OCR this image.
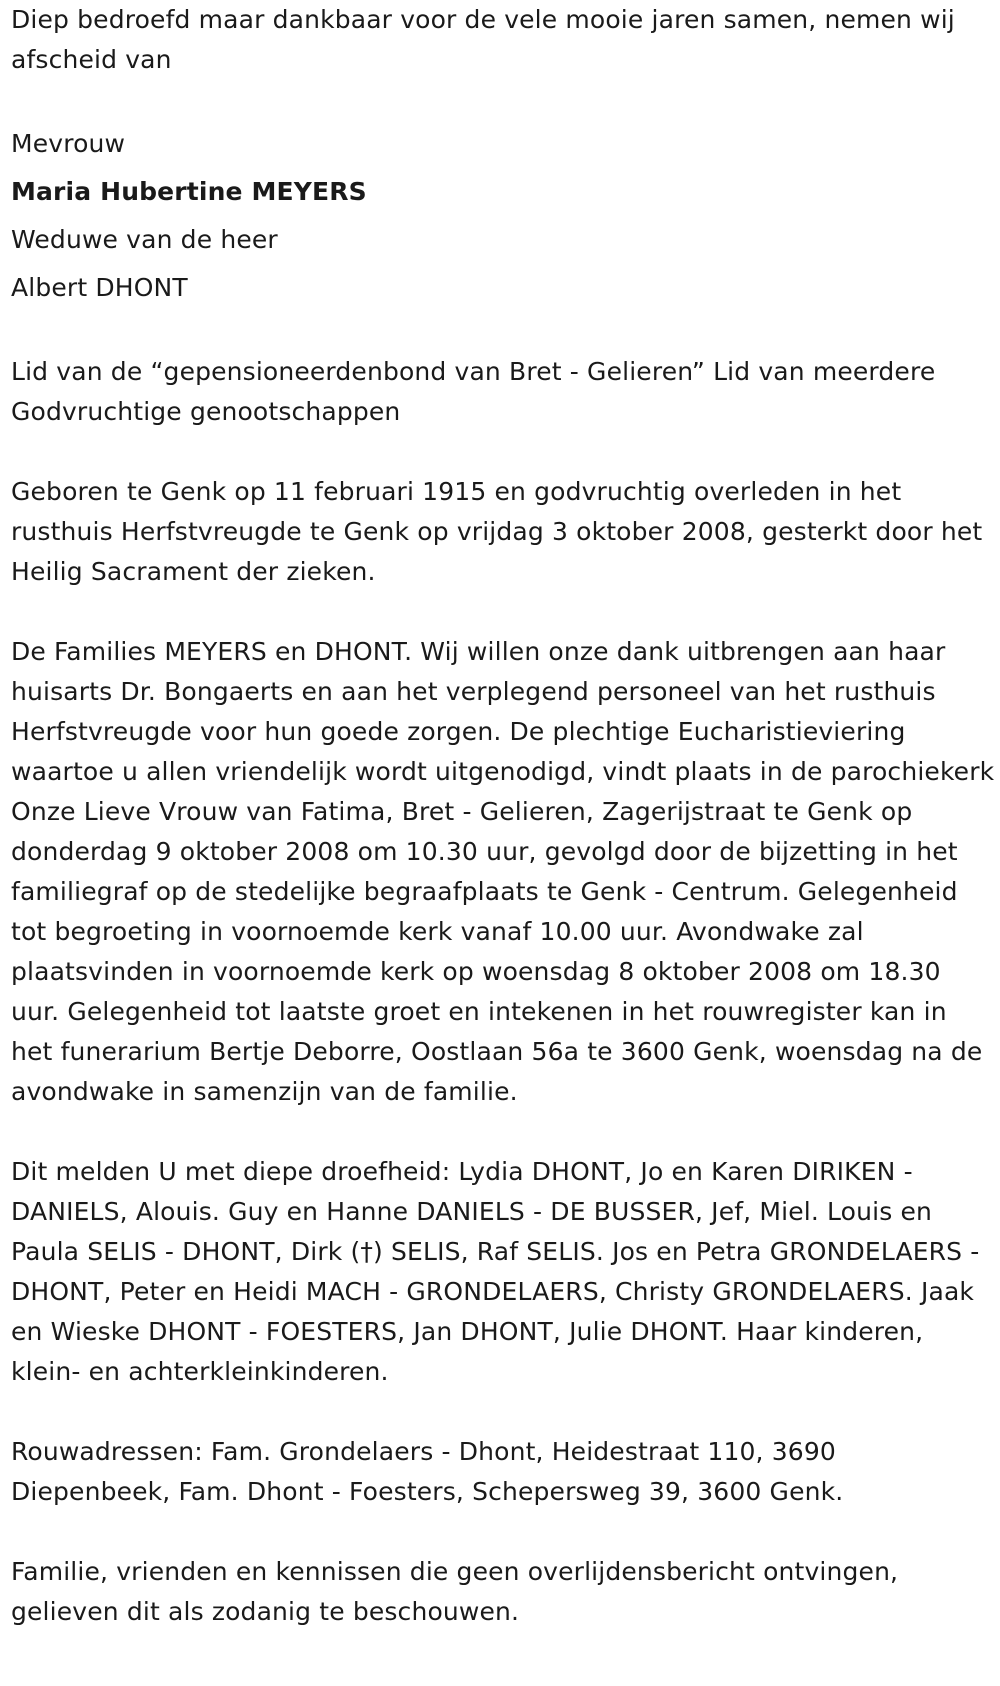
Diep bedroefd maar dankbaar voor de vele mooie jaren samen, nemen wij afscheid van

Mevrouw
Maria Hubertine MEYERS
Weduwe van de heer
Albert DHONT

Lid van de “gepensioneerdenbond van Bret - Gelieren” Lid van meerdere Godvruchtige genootschappen

Geboren te Genk op 11 februari 1915 en godvruchtig overleden in het rusthuis Herfstvreugde te Genk op vrijdag 3 oktober 2008, gesterkt door het Heilig Sacrament der zieken.

De Families MEYERS en DHONT. Wij willen onze dank uitbrengen aan haar huisarts Dr. Bongaerts en aan het verplegend personeel van het rusthuis Herfstvreugde voor hun goede zorgen. De plechtige Eucharistieviering waartoe u allen vriendelijk wordt uitgenodigd, vindt plaats in de parochiekerk Onze Lieve Vrouw van Fatima, Bret - Gelieren, Zagerijstraat te Genk op donderdag 9 oktober 2008 om 10.30 uur, gevolgd door de bijzetting in het familiegraf op de stedelijke begraafplaats te Genk - Centrum. Gelegenheid tot begroeting in voornoemde kerk vanaf 10.00 uur. Avondwake zal plaatsvinden in voornoemde kerk op woensdag 8 oktober 2008 om 18.30 uur. Gelegenheid tot laatste groet en intekenen in het rouwregister kan in het funerarium Bertje Deborre, Oostlaan 56a te 3600 Genk, woensdag na de avondwake in samenzijn van de familie.

Dit melden U met diepe droefheid: Lydia DHONT, Jo en Karen DIRIKEN - DANIELS, Alouis. Guy en Hanne DANIELS - DE BUSSER, Jef, Miel. Louis en Paula SELIS - DHONT, Dirk (†) SELIS, Raf SELIS. Jos en Petra GRONDELAERS - DHONT, Peter en Heidi MACH - GRONDELAERS, Christy GRONDELAERS. Jaak en Wieske DHONT - FOESTERS, Jan DHONT, Julie DHONT. Haar kinderen, klein- en achterkleinkinderen.

Rouwadressen: Fam. Grondelaers - Dhont, Heidestraat 110, 3690 Diepenbeek, Fam. Dhont - Foesters, Schepersweg 39, 3600 Genk.

Familie, vrienden en kennissen die geen overlijdensbericht ontvingen, gelieven dit als zodanig te beschouwen.
